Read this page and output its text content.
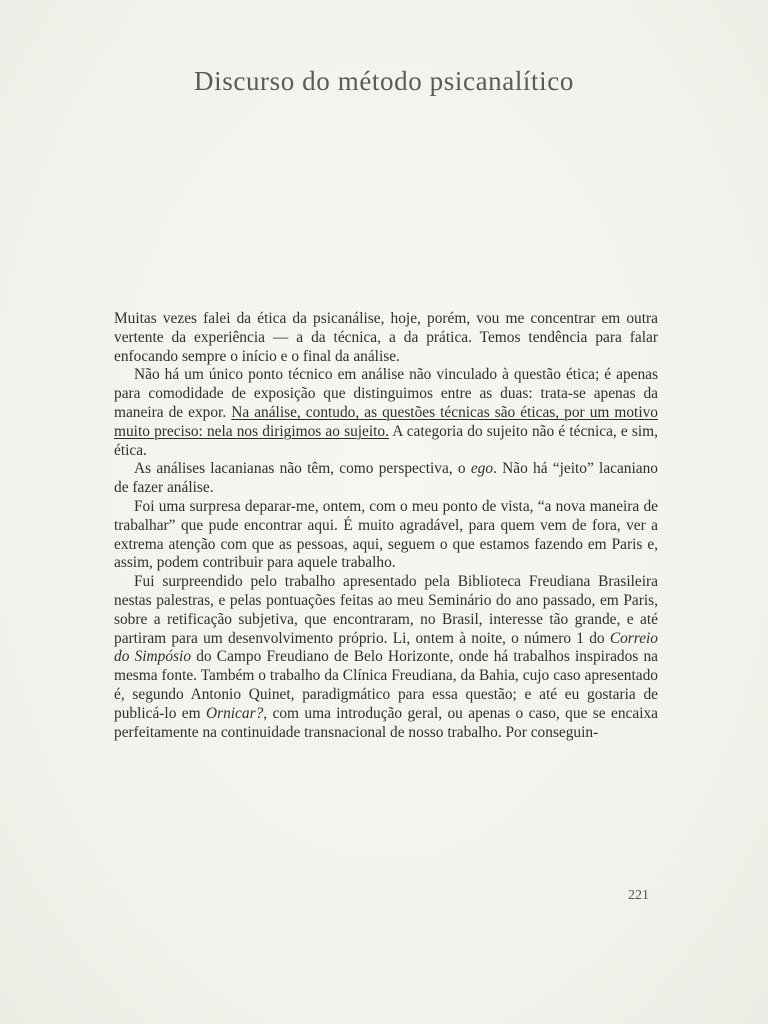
Discurso do método psicanalítico

Muitas vezes falei da ética da psicanálise, hoje, porém, vou me concentrar em outra vertente da experiência — a da técnica, a da prática. Temos tendência para falar enfocando sempre o início e o final da análise.

Não há um único ponto técnico em análise não vinculado à questão ética; é apenas para comodidade de exposição que distinguimos entre as duas: trata-se apenas da maneira de expor. Na análise, contudo, as questões técnicas são éticas, por um motivo muito preciso: nela nos dirigimos ao sujeito. A categoria do sujeito não é técnica, e sim, ética.

As análises lacanianas não têm, como perspectiva, o ego. Não há “jeito” lacaniano de fazer análise.

Foi uma surpresa deparar-me, ontem, com o meu ponto de vista, “a nova maneira de trabalhar” que pude encontrar aqui. É muito agradável, para quem vem de fora, ver a extrema atenção com que as pessoas, aqui, seguem o que estamos fazendo em Paris e, assim, podem contribuir para aquele trabalho.

Fui surpreendido pelo trabalho apresentado pela Biblioteca Freudiana Brasileira nestas palestras, e pelas pontuações feitas ao meu Seminário do ano passado, em Paris, sobre a retificação subjetiva, que encontraram, no Brasil, interesse tão grande, e até partiram para um desenvolvimento próprio. Li, ontem à noite, o número 1 do Correio do Simpósio do Campo Freudiano de Belo Horizonte, onde há trabalhos inspirados na mesma fonte. Também o trabalho da Clínica Freudiana, da Bahia, cujo caso apresentado é, segundo Antonio Quinet, paradigmático para essa questão; e até eu gostaria de publicá-lo em Ornicar?, com uma introdução geral, ou apenas o caso, que se encaixa perfeitamente na continuidade transnacional de nosso trabalho. Por conseguin-

221
